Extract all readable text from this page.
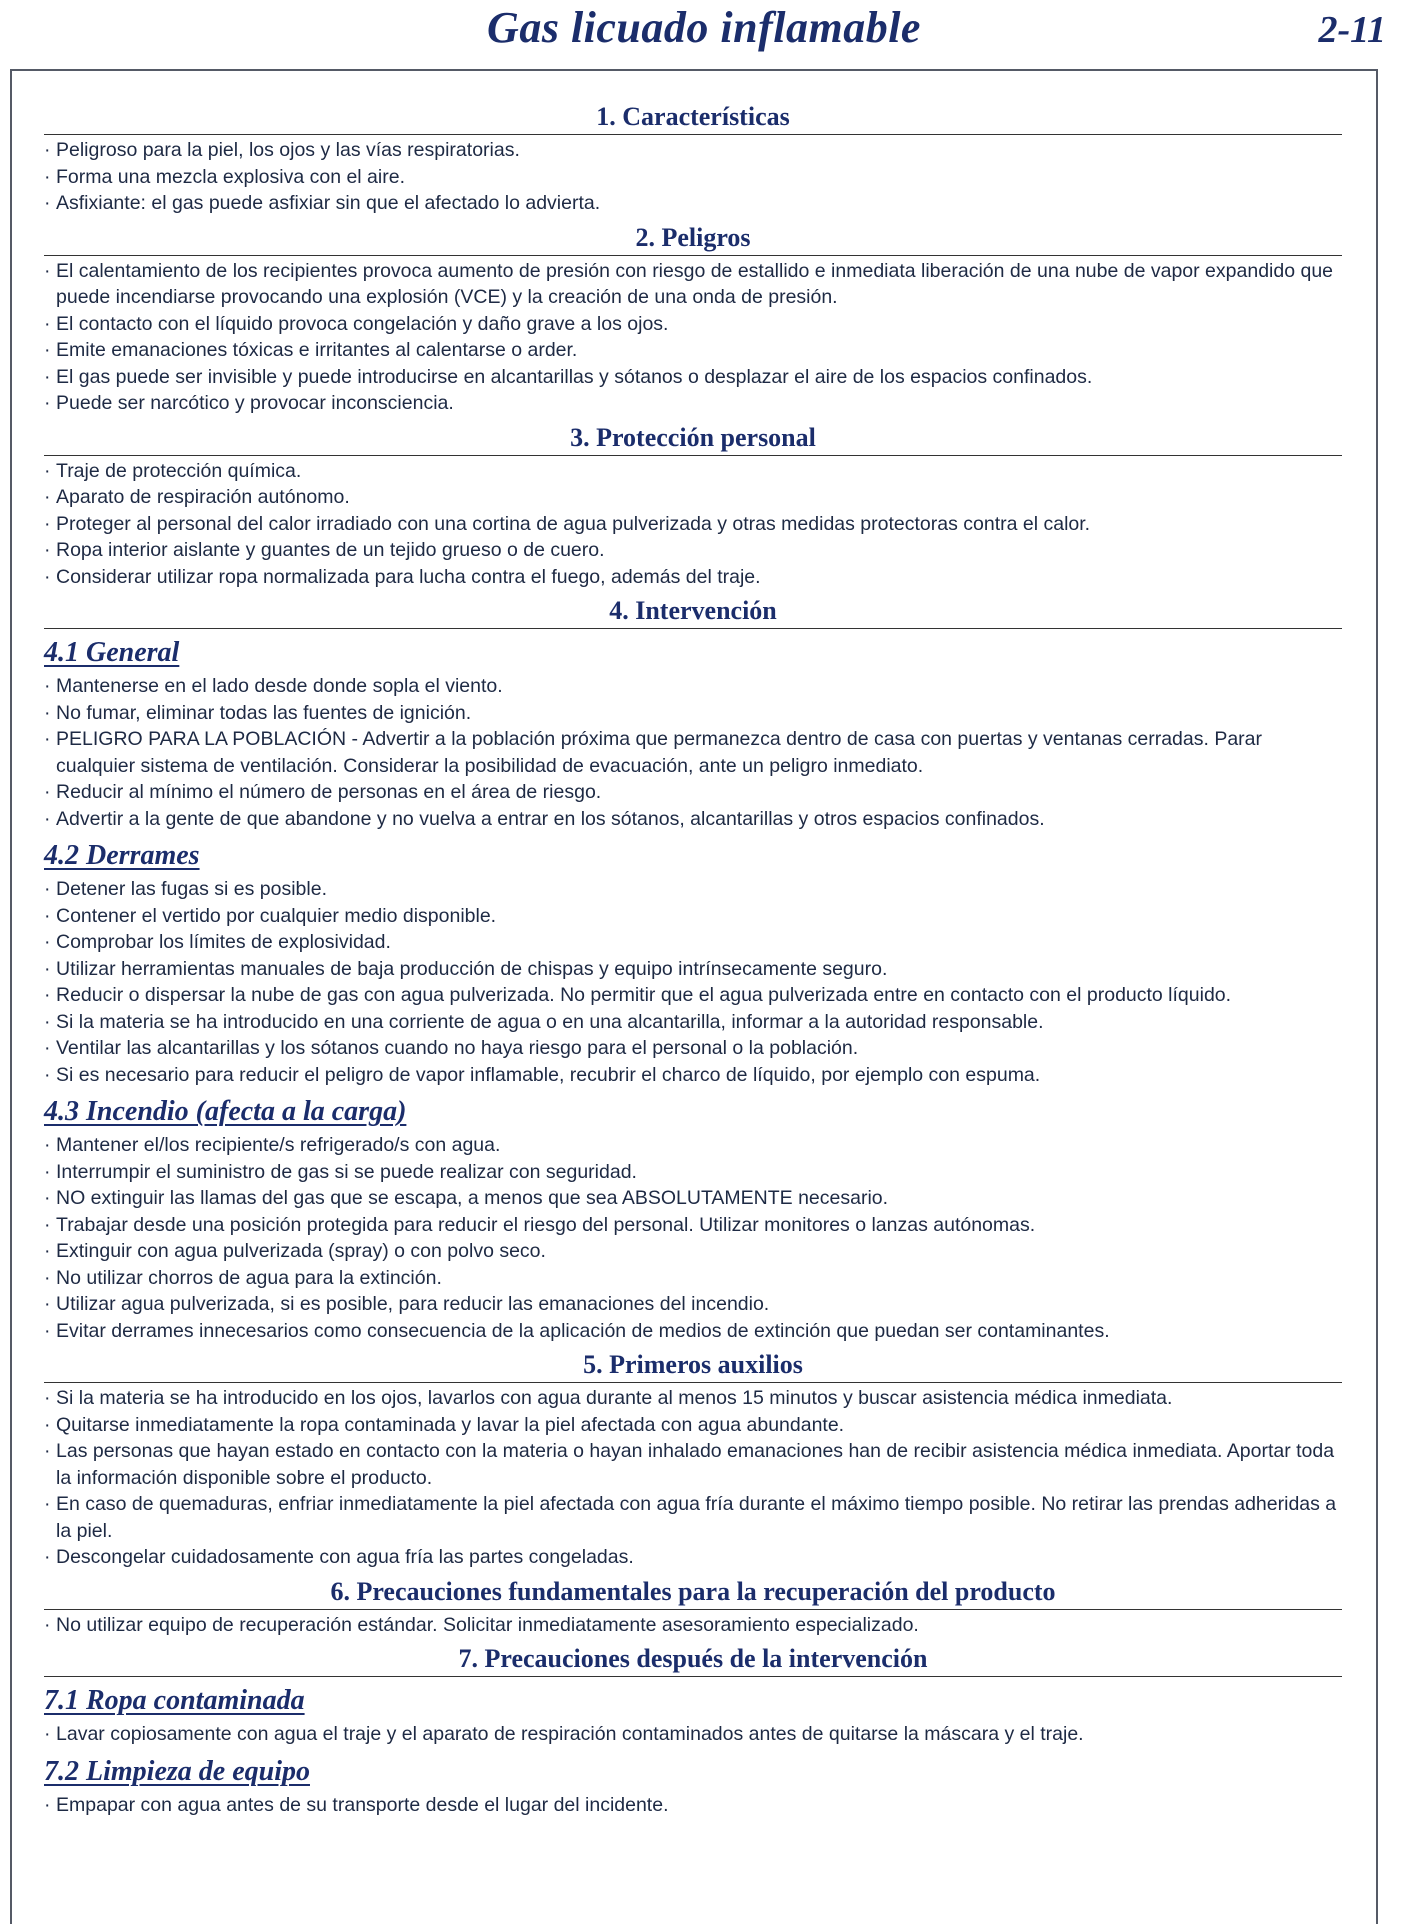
Gas licuado inflamable	2-11
1. Características
· Peligroso para la piel, los ojos y las vías respiratorias.
· Forma una mezcla explosiva con el aire.
· Asfixiante: el gas puede asfixiar sin que el afectado lo advierta.
2. Peligros
· El calentamiento de los recipientes provoca aumento de presión con riesgo de estallido e inmediata liberación de una nube de vapor expandido que puede incendiarse provocando una explosión (VCE) y la creación de una onda de presión.
· El contacto con el líquido provoca congelación y daño grave a los ojos.
· Emite emanaciones tóxicas e irritantes al calentarse o arder.
· El gas puede ser invisible y puede introducirse en alcantarillas y sótanos o desplazar el aire de los espacios confinados.
· Puede ser narcótico y provocar inconsciencia.
3. Protección personal
· Traje de protección química.
· Aparato de respiración autónomo.
· Proteger al personal del calor irradiado con una cortina de agua pulverizada y otras medidas protectoras contra el calor.
· Ropa interior aislante y guantes de un tejido grueso o de cuero.
· Considerar utilizar ropa normalizada para lucha contra el fuego, además del traje.
4. Intervención
4.1 General
· Mantenerse en el lado desde donde sopla el viento.
· No fumar, eliminar todas las fuentes de ignición.
· PELIGRO PARA LA POBLACIÓN - Advertir a la población próxima que permanezca dentro de casa con puertas y ventanas cerradas. Parar cualquier sistema de ventilación. Considerar la posibilidad de evacuación, ante un peligro inmediato.
· Reducir al mínimo el número de personas en el área de riesgo.
· Advertir a la gente de que abandone y no vuelva a entrar en los sótanos, alcantarillas y otros espacios confinados.
4.2 Derrames
· Detener las fugas si es posible.
· Contener el vertido por cualquier medio disponible.
· Comprobar los límites de explosividad.
· Utilizar herramientas manuales de baja producción de chispas y equipo intrínsecamente seguro.
· Reducir o dispersar la nube de gas con agua pulverizada. No permitir que el agua pulverizada entre en contacto con el producto líquido.
· Si la materia se ha introducido en una corriente de agua o en una alcantarilla, informar a la autoridad responsable.
· Ventilar las alcantarillas y los sótanos cuando no haya riesgo para el personal o la población.
· Si es necesario para reducir el peligro de vapor inflamable, recubrir el charco de líquido, por ejemplo con espuma.
4.3 Incendio (afecta a la carga)
· Mantener el/los recipiente/s refrigerado/s con agua.
· Interrumpir el suministro de gas si se puede realizar con seguridad.
· NO extinguir las llamas del gas que se escapa, a menos que sea ABSOLUTAMENTE necesario.
· Trabajar desde una posición protegida para reducir el riesgo del personal. Utilizar monitores o lanzas autónomas.
· Extinguir con agua pulverizada (spray) o con polvo seco.
· No utilizar chorros de agua para la extinción.
· Utilizar agua pulverizada, si es posible, para reducir las emanaciones del incendio.
· Evitar derrames innecesarios como consecuencia de la aplicación de medios de extinción que puedan ser contaminantes.
5. Primeros auxilios
· Si la materia se ha introducido en los ojos, lavarlos con agua durante al menos 15 minutos y buscar asistencia médica inmediata.
· Quitarse inmediatamente la ropa contaminada y lavar la piel afectada con agua abundante.
· Las personas que hayan estado en contacto con la materia o hayan inhalado emanaciones han de recibir asistencia médica inmediata. Aportar toda la información disponible sobre el producto.
· En caso de quemaduras, enfriar inmediatamente la piel afectada con agua fría durante el máximo tiempo posible. No retirar las prendas adheridas a la piel.
· Descongelar cuidadosamente con agua fría las partes congeladas.
6. Precauciones fundamentales para la recuperación del producto
· No utilizar equipo de recuperación estándar. Solicitar inmediatamente asesoramiento especializado.
7. Precauciones después de la intervención
7.1 Ropa contaminada
· Lavar copiosamente con agua el traje y el aparato de respiración contaminados antes de quitarse la máscara y el traje.
7.2 Limpieza de equipo
· Empapar con agua antes de su transporte desde el lugar del incidente.
